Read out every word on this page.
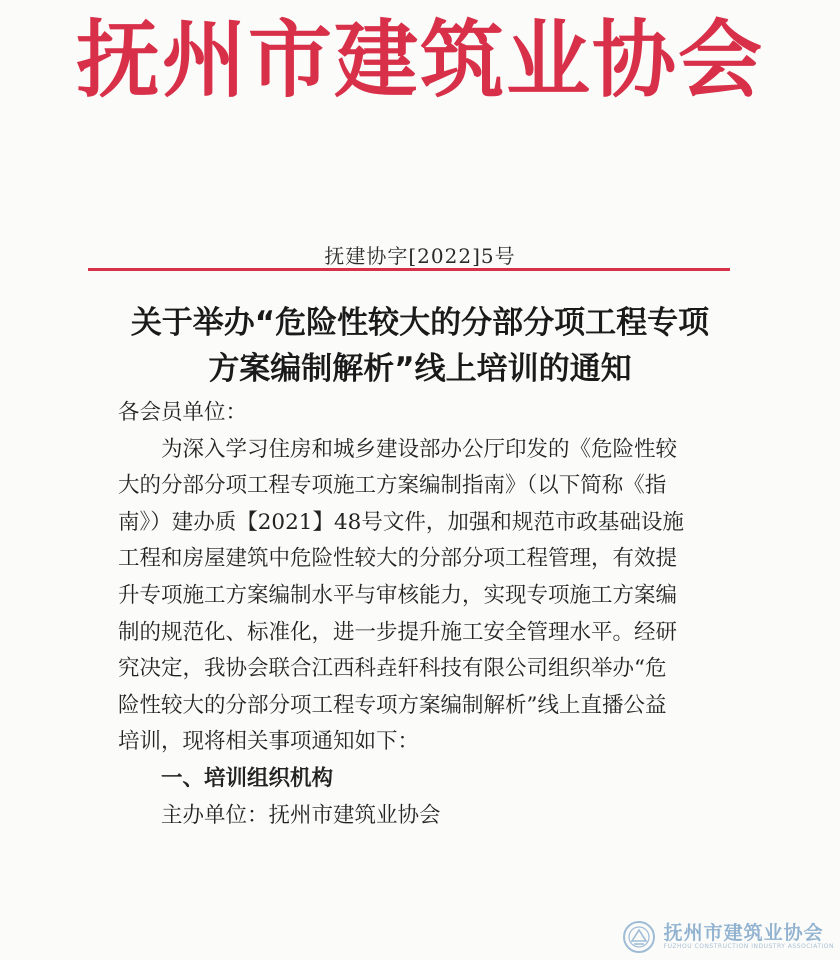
抚州市建筑业协会
抚建协字[2022]5号
关于举办“危险性较大的分部分项工程专项
方案编制解析”线上培训的通知
各会员单位：
　　为深入学习住房和城乡建设部办公厅印发的《危险性较
大的分部分项工程专项施工方案编制指南》（以下简称《指
南》）建办质【2021】48号文件，加强和规范市政基础设施
工程和房屋建筑中危险性较大的分部分项工程管理，有效提
升专项施工方案编制水平与审核能力，实现专项施工方案编
制的规范化、标准化，进一步提升施工安全管理水平。经研
究决定，我协会联合江西科垚轩科技有限公司组织举办“危
险性较大的分部分项工程专项方案编制解析”线上直播公益
培训，现将相关事项通知如下：
一、培训组织机构
主办单位：抚州市建筑业协会
抚州市建筑业协会
FUZHOU CONSTRUCTION INDUSTRY ASSOCIATION
